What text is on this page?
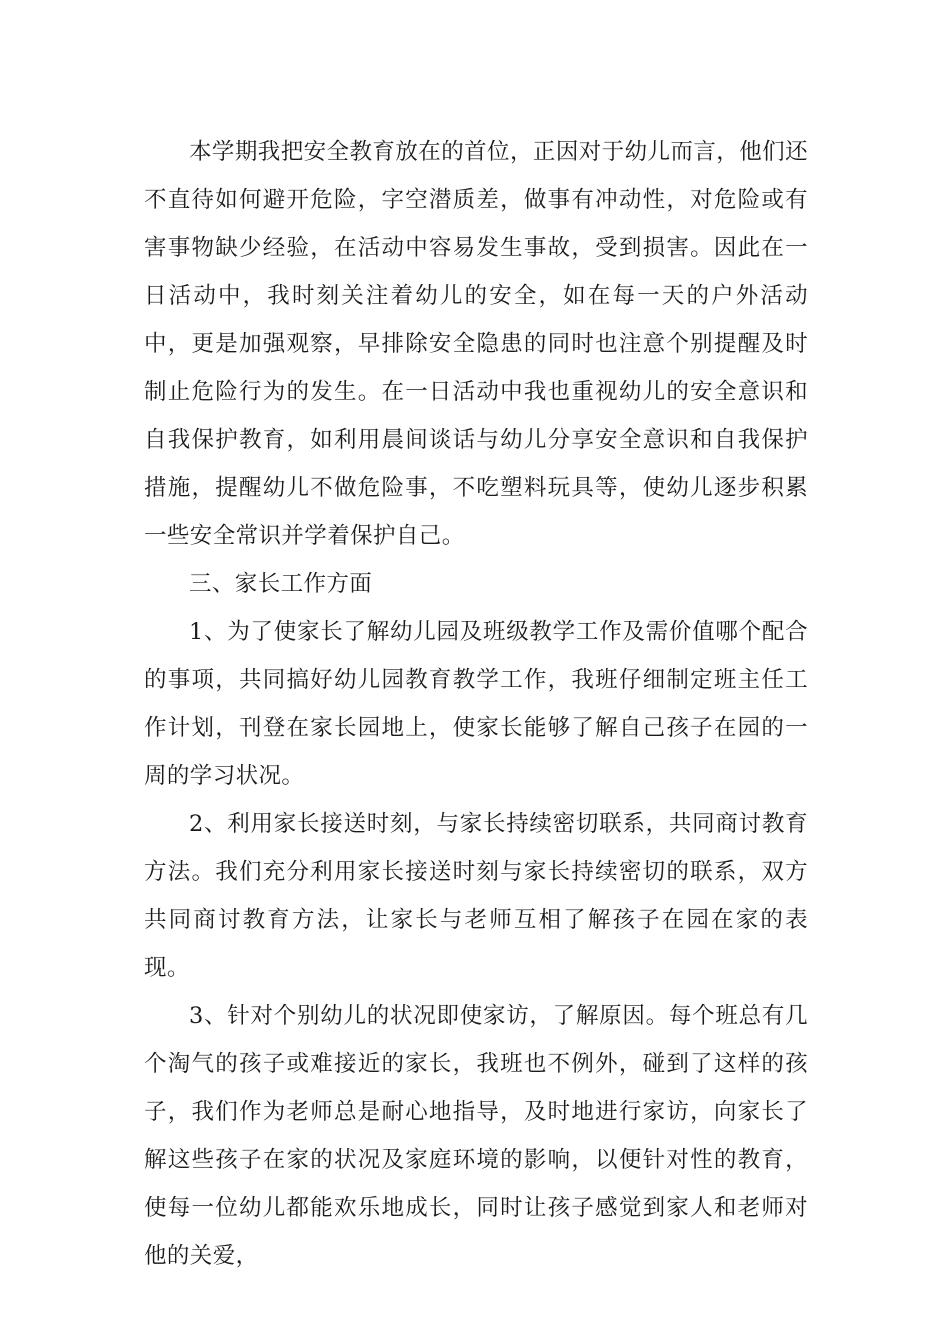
本学期我把安全教育放在的首位，正因对于幼儿而言，他们还不直待如何避开危险，字空潜质差，做事有冲动性，对危险或有害事物缺少经验，在活动中容易发生事故，受到损害。因此在一日活动中，我时刻关注着幼儿的安全，如在每一天的户外活动中，更是加强观察，早排除安全隐患的同时也注意个别提醒及时制止危险行为的发生。在一日活动中我也重视幼儿的安全意识和自我保护教育，如利用晨间谈话与幼儿分享安全意识和自我保护措施，提醒幼儿不做危险事，不吃塑料玩具等，使幼儿逐步积累一些安全常识并学着保护自己。

三、家长工作方面

1、为了使家长了解幼儿园及班级教学工作及需价值哪个配合的事项，共同搞好幼儿园教育教学工作，我班仔细制定班主任工作计划，刊登在家长园地上，使家长能够了解自己孩子在园的一周的学习状况。

2、利用家长接送时刻，与家长持续密切联系，共同商讨教育方法。我们充分利用家长接送时刻与家长持续密切的联系，双方共同商讨教育方法，让家长与老师互相了解孩子在园在家的表现。

3、针对个别幼儿的状况即使家访，了解原因。每个班总有几个淘气的孩子或难接近的家长，我班也不例外，碰到了这样的孩子，我们作为老师总是耐心地指导，及时地进行家访，向家长了解这些孩子在家的状况及家庭环境的影响，以便针对性的教育，使每一位幼儿都能欢乐地成长，同时让孩子感觉到家人和老师对他的关爱，
